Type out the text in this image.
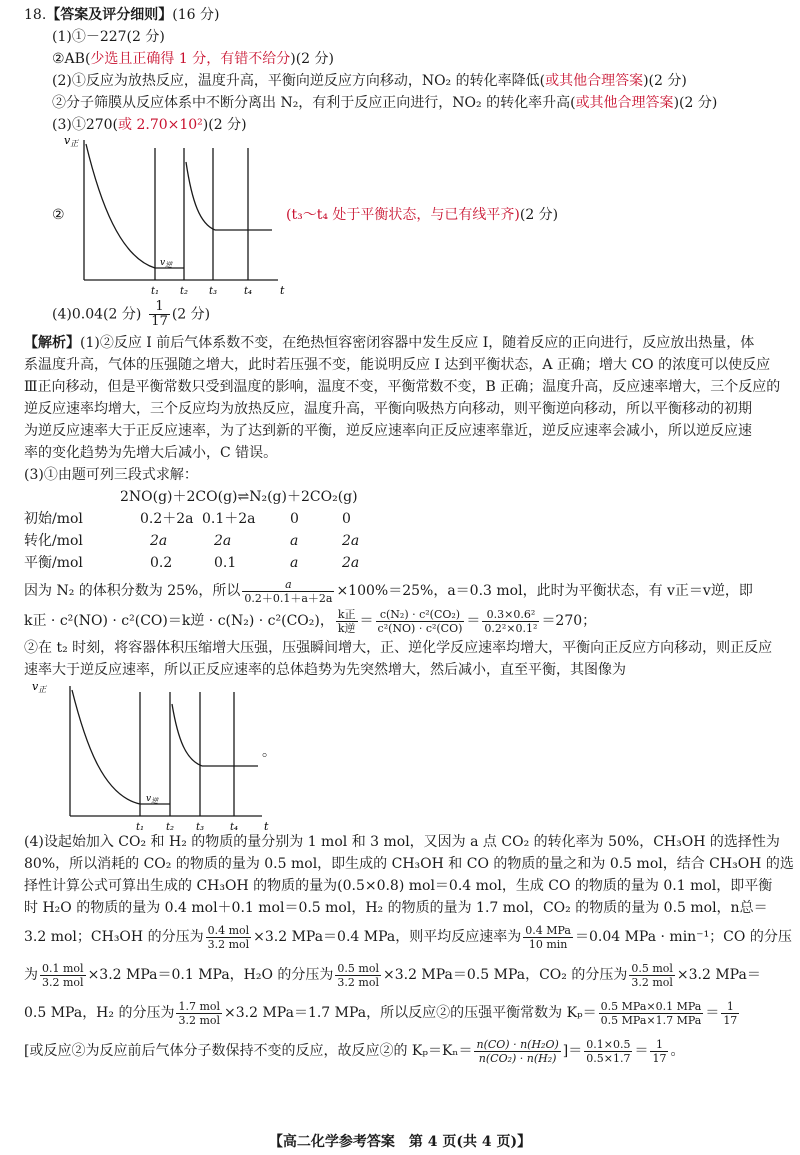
18.【答案及评分细则】(16 分)
(1)①－227(2 分)
②AB(少选且正确得 1 分，有错不给分)(2 分)
(2)①反应为放热反应，温度升高，平衡向逆反应方向移动，NO₂ 的转化率降低(或其他合理答案)(2 分)
②分子筛膜从反应体系中不断分离出 N₂，有利于反应正向进行，NO₂ 的转化率升高(或其他合理答案)(2 分)
(3)①270(或 2.70×10²)(2 分)
②
v正
t
$v_逆$
t₁ t₂ t₃	t₄
(t₃～t₄ 处于平衡状态，与已有线平齐)(2 分)
(4)0.04(2 分) $\frac{1}{17} (2$ 分)
【解析】(1)②反应 I 前后气体系数不变，在绝热恒容密闭容器中发生反应 I，随着反应的正向进行，反应放出热量，体
系温度升高，气体的压强随之增大，此时若压强不变，能说明反应 I 达到平衡状态，A 正确；增大 CO 的浓度可以使反应
Ⅲ正向移动，但是平衡常数只受到温度的影响，温度不变，平衡常数不变，B 正确；温度升高，反应速率增大，三个反应的
逆反应速率均增大，三个反应均为放热反应，温度升高，平衡向吸热方向移动，则平衡逆向移动，所以平衡移动的初期
为逆反应速率大于正反应速率，为了达到新的平衡，逆反应速率向正反应速率靠近，逆反应速率会减小，所以逆反应速
率的变化趋势为先增大后减小，C 错误。
(3)①由题可列三段式求解：
2NO(g)＋2CO(g)⇌N₂(g)＋2CO₂(g)
初始/mol	0.2＋2a 0.1＋2a 0	0
转化/mol	2a	2a	a	2a
平衡/mol	0.2	0.1	a	2a
因为 N₂ 的体积分数为 25%，所以 $\frac{a}{0.2+0.1+a+2a} \times 100\%=25\%$，a＝0.3 mol，此时为平衡状态，有 v正＝v逆，即
k正 · c²(NO) · c²(CO)＝k逆 · c(N₂) · c²(CO₂)， $\frac{\text{k正}}{\text{k逆}} = \frac{\text{c(N₂) · c²(CO₂)}}{\text{c²(NO) · c²(CO)}} = \frac{\text{0.3×0.6²}}{\text{0.2²×0.1²}} =270$；
②在 t₂ 时刻，将容器体积压缩增大压强，压强瞬间增大，正、逆化学反应速率均增大，平衡向正反应方向移动，则正反应
速率大于逆反应速率，所以正反应速率的总体趋势为先突然增大，然后减小，直至平衡，其图像为
v正
t
$v_逆$
t₁ t₂ t₃	t₄
。
(4)设起始加入 CO₂ 和 H₂ 的物质的量分别为 1 mol 和 3 mol，又因为 a 点 CO₂ 的转化率为 50%，CH₃OH 的选择性为
80%，所以消耗的 CO₂ 的物质的量为 0.5 mol，即生成的 CH₃OH 和 CO 的物质的量之和为 0.5 mol，结合 CH₃OH 的选
择性计算公式可算出生成的 CH₃OH 的物质的量为(0.5×0.8) mol＝0.4 mol，生成 CO 的物质的量为 0.1 mol，即平衡
时 H₂O 的物质的量为 0.4 mol＋0.1 mol＝0.5 mol，H₂ 的物质的量为 1.7 mol，CO₂ 的物质的量为 0.5 mol，n总＝
3.2 mol；CH₃OH 的分压为 $\frac{\text{0.4 mol}}{\text{3.2 mol}} \times 3.2$ MPa＝0.4 MPa，则平均反应速率为 $\frac{\text{0.4 MPa}}{10 \min} =0.04$ MPa · min⁻¹；CO 的分压
为 $\frac{\text{0.1 mol}}{\text{3.2 mol}} \times 3.2$ MPa＝0.1 MPa，H₂O 的分压为 $\frac{\text{0.5 mol}}{\text{3.2 mol}} \times 3.2$ MPa＝0.5 MPa，CO₂ 的分压为 $\frac{\text{0.5 mol}}{\text{3.2 mol}} \times 3.2$ MPa＝
0.5 MPa，H₂ 的分压为 $\frac{\text{1.7 mol}}{\text{3.2 mol}} \times 3.2$ MPa＝1.7 MPa，所以反应②的压强平衡常数为 $K_p= \frac{\text{0.5 MPa×0.1 MPa}}{\text{0.5 MPa×1.7 MPa}} = \frac{1}{17}$
[或反应②为反应前后气体分子数保持不变的反应，故反应②的 $K_p=K_n= \frac{\text{n(CO) · n(H₂O)}}{\text{n(CO₂) · n(H₂)}}$ ]＝ $\frac{0.1\times 0.5}{0.5\times 1.7} = \frac{1}{17}$ 。
【高二化学参考答案　第 4 页(共 4 页)】
